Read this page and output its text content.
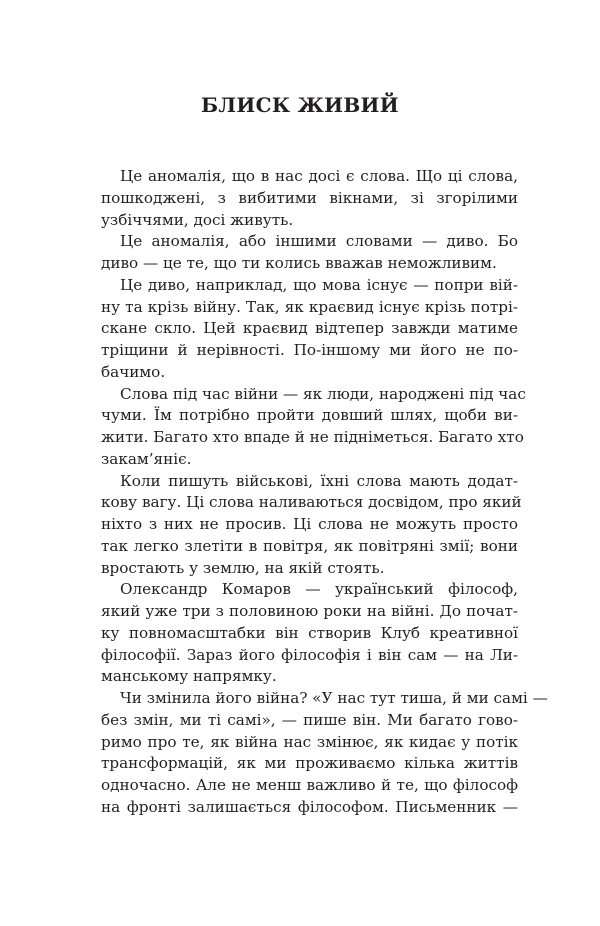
БЛИСК ЖИВИЙ
Це аномалія, що в нас досі є слова. Що ці слова,
пошкоджені, з вибитими вікнами, зі згорілими
узбіччями, досі живуть.
Це аномалія, або іншими словами — диво. Бо
диво — це те, що ти колись вважав неможливим.
Це диво, наприклад, що мова існує — попри вій-
ну та крізь війну. Так, як краєвид існує крізь потрі-
скане скло. Цей краєвид відтепер завжди матиме
тріщини й нерівності. По-іншому ми його не по-
бачимо.
Слова під час війни — як люди, народжені під час
чуми. Їм потрібно пройти довший шлях, щоби ви-
жити. Багато хто впаде й не підніметься. Багато хто
закам’яніє.
Коли пишуть військові, їхні слова мають додат-
кову вагу. Ці слова наливаються досвідом, про який
ніхто з них не просив. Ці слова не можуть просто
так легко злетіти в повітря, як повітряні змії; вони
вростають у землю, на якій стоять.
Олександр Комаров — український філософ,
який уже три з половиною роки на війні. До почат-
ку повномасштабки він створив Клуб креативної
філософії. Зараз його філософія і він сам — на Ли-
манському напрямку.
Чи змінила його війна? «У нас тут тиша, й ми самі —
без змін, ми ті самі», — пише він. Ми багато гово-
римо про те, як війна нас змінює, як кидає у потік
трансформацій, як ми проживаємо кілька життів
одночасно. Але не менш важливо й те, що філософ
на фронті залишається філософом. Письменник —
